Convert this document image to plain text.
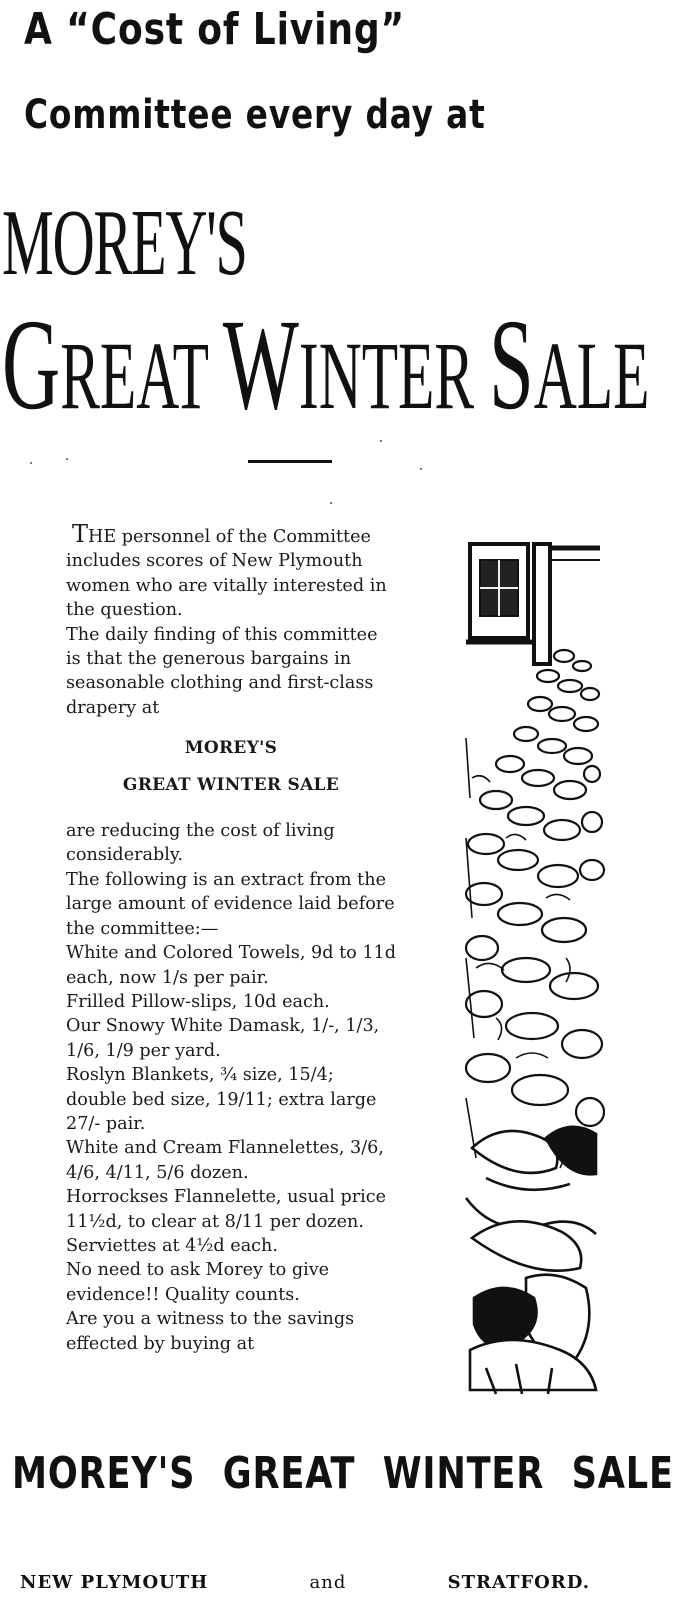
A “Cost of Living”
Committee every day at
MOREY'S
GREAT WINTER SALE

THE personnel of the Committee includes scores of New Plymouth women who are vitally interested in the question.

The daily finding of this committee is that the generous bargains in seasonable clothing and first-class drapery at

MOREY'S

GREAT WINTER SALE

are reducing the cost of living considerably.

The following is an extract from the large amount of evidence laid before the committee:—

White and Colored Towels, 9d to 11d each, now 1/s per pair.

Frilled Pillow-slips, 10d each.

Our Snowy White Damask, 1/-, 1/3, 1/6, 1/9 per yard.

Roslyn Blankets, ¾ size, 15/4; double bed size, 19/11; extra large 27/- pair.

White and Cream Flannelettes, 3/6, 4/6, 4/11, 5/6 dozen.

Horrockses Flannelette, usual price 11½d, to clear at 8/11 per dozen.

Serviettes at 4½d each.

No need to ask Morey to give evidence!! Quality counts.

Are you a witness to the savings effected by buying at

MOREY'S GREAT WINTER SALE
NEW PLYMOUTH	and	STRATFORD.
